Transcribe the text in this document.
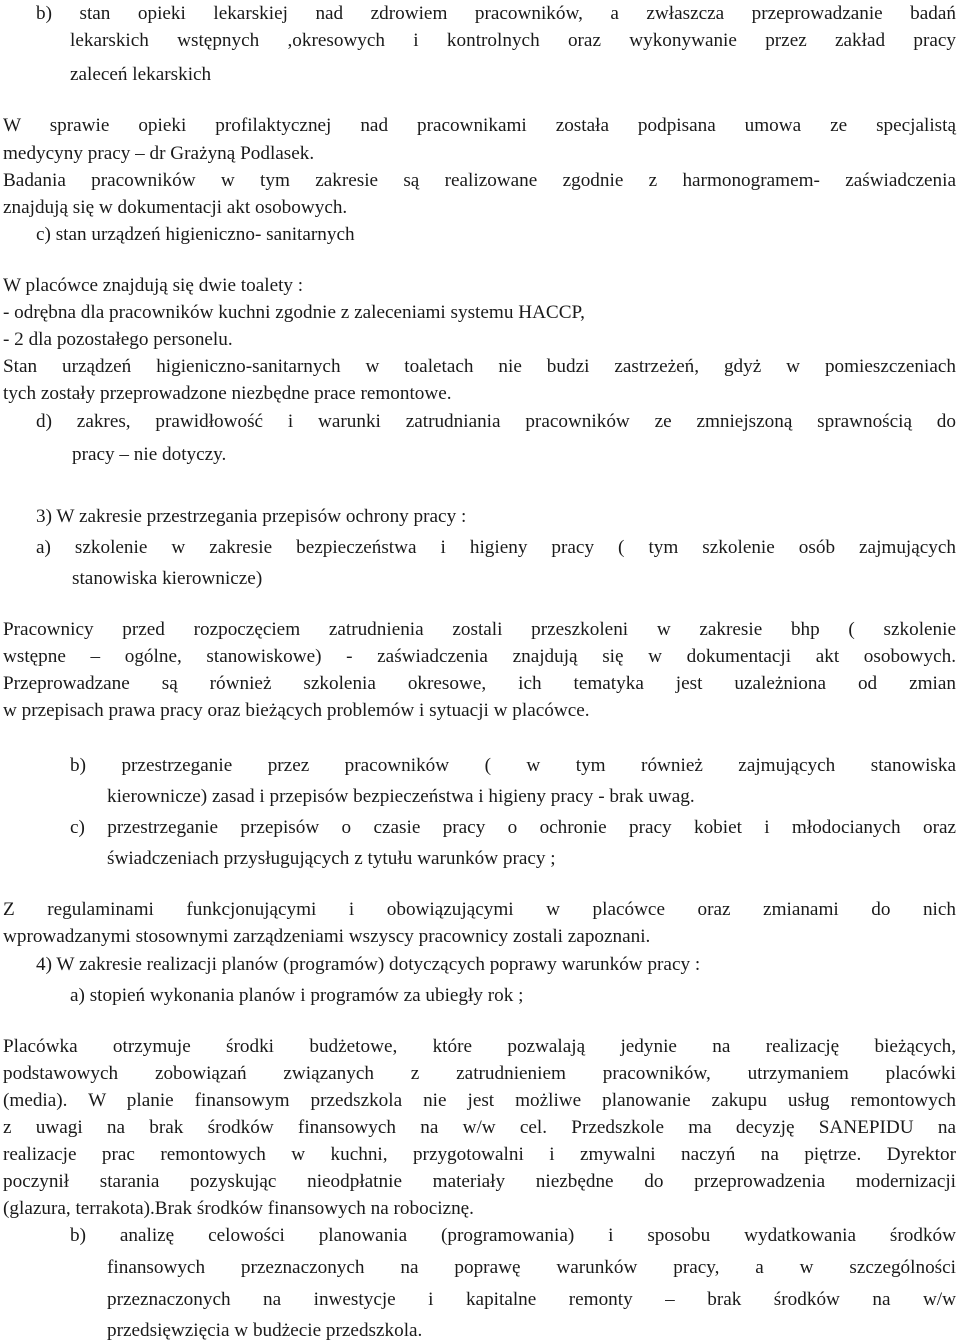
b) stan opieki lekarskiej nad zdrowiem pracowników, a zwłaszcza przeprowadzanie badań
lekarskich wstępnych ,okresowych i kontrolnych oraz wykonywanie przez zakład pracy
zaleceń lekarskich
W sprawie opieki profilaktycznej nad pracownikami została podpisana umowa ze specjalistą
medycyny pracy – dr Grażyną Podlasek.
Badania pracowników w tym zakresie są realizowane zgodnie z harmonogramem- zaświadczenia
znajdują się w dokumentacji akt osobowych.
c) stan urządzeń higieniczno- sanitarnych
W placówce znajdują się dwie toalety :
- odrębna dla pracowników kuchni zgodnie z zaleceniami systemu HACCP,
- 2 dla pozostałego personelu.
Stan urządzeń higieniczno-sanitarnych w toaletach nie budzi zastrzeżeń, gdyż w pomieszczeniach
tych zostały przeprowadzone niezbędne prace remontowe.
d) zakres, prawidłowość i warunki zatrudniania pracowników ze zmniejszoną sprawnością do
pracy – nie dotyczy.
3) W zakresie przestrzegania przepisów ochrony pracy :
a) szkolenie w zakresie bezpieczeństwa i higieny pracy ( tym szkolenie osób zajmujących
stanowiska kierownicze)
Pracownicy przed rozpoczęciem zatrudnienia zostali przeszkoleni w zakresie bhp ( szkolenie
wstępne – ogólne, stanowiskowe) - zaświadczenia znajdują się w dokumentacji akt osobowych.
Przeprowadzane są również szkolenia okresowe, ich tematyka jest uzależniona od zmian
w przepisach prawa pracy oraz bieżących problemów i sytuacji w placówce.
b) przestrzeganie przez pracowników ( w tym również zajmujących stanowiska
kierownicze) zasad i przepisów bezpieczeństwa i higieny pracy - brak uwag.
c) przestrzeganie przepisów o czasie pracy o ochronie pracy kobiet i młodocianych oraz
świadczeniach przysługujących z tytułu warunków pracy ;
Z regulaminami funkcjonującymi i obowiązującymi w placówce oraz zmianami do nich
wprowadzanymi stosownymi zarządzeniami wszyscy pracownicy zostali zapoznani.
4) W zakresie realizacji planów (programów) dotyczących poprawy warunków pracy :
a) stopień wykonania planów i programów za ubiegły rok ;
Placówka otrzymuje środki budżetowe, które pozwalają jedynie na realizację bieżących,
podstawowych zobowiązań związanych z zatrudnieniem pracowników, utrzymaniem placówki
(media). W planie finansowym przedszkola nie jest możliwe planowanie zakupu usług remontowych
z uwagi na brak środków finansowych na w/w cel. Przedszkole ma decyzję SANEPIDU na
realizacje prac remontowych w kuchni, przygotowalni i zmywalni naczyń na piętrze. Dyrektor
poczynił starania pozyskując nieodpłatnie materiały niezbędne do przeprowadzenia modernizacji
(glazura, terrakota).Brak środków finansowych na robociznę.
b) analizę celowości planowania (programowania) i sposobu wydatkowania środków
finansowych przeznaczonych na poprawę warunków pracy, a w szczególności
przeznaczonych na inwestycje i kapitalne remonty – brak środków na w/w
przedsięwzięcia w budżecie przedszkola.
